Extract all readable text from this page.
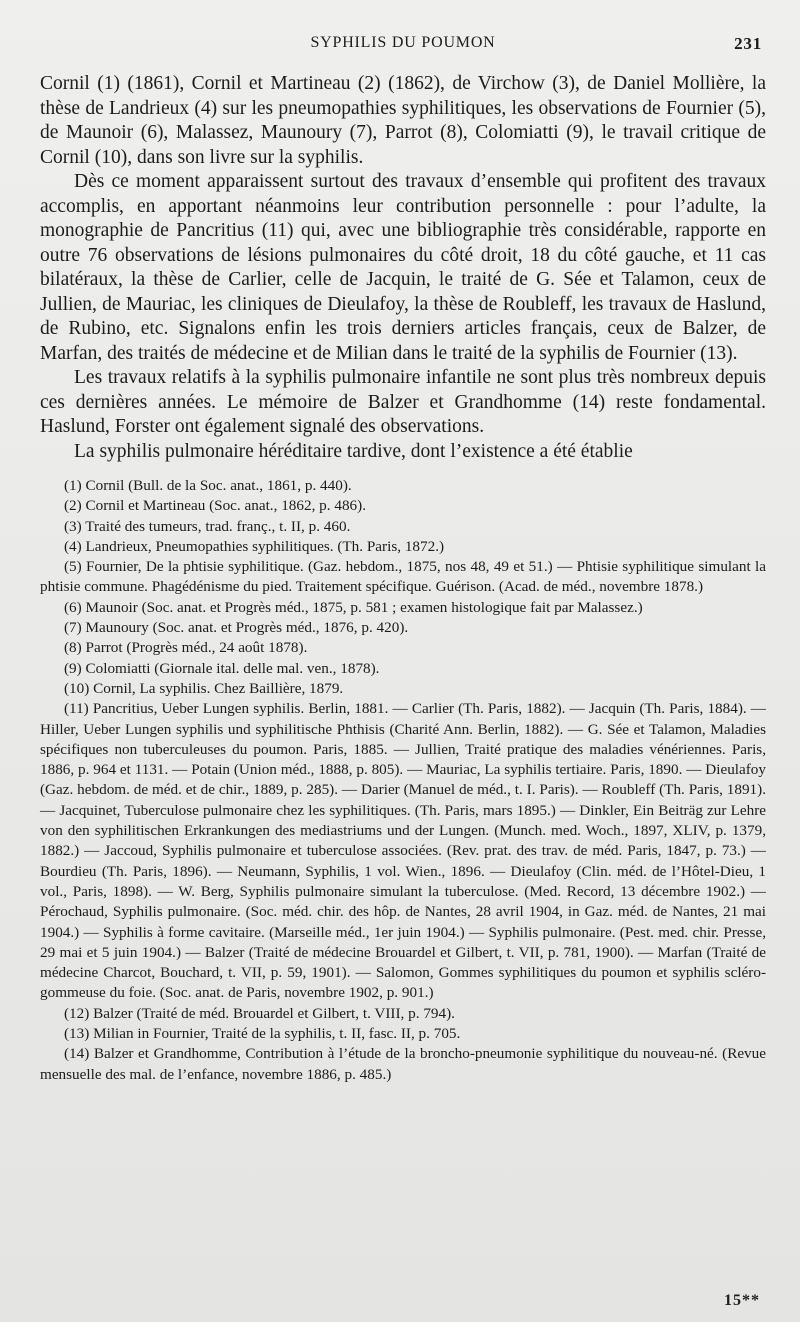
SYPHILIS DU POUMON	231

Cornil (1) (1861), Cornil et Martineau (2) (1862), de Virchow (3), de Daniel Mollière, la thèse de Landrieux (4) sur les pneumopathies syphilitiques, les observations de Fournier (5), de Maunoir (6), Malassez, Maunoury (7), Parrot (8), Colomiatti (9), le travail critique de Cornil (10), dans son livre sur la syphilis.

Dès ce moment apparaissent surtout des travaux d’ensemble qui profitent des travaux accomplis, en apportant néanmoins leur contribution personnelle : pour l’adulte, la monographie de Pancritius (11) qui, avec une bibliographie très considérable, rapporte en outre 76 observations de lésions pulmonaires du côté droit, 18 du côté gauche, et 11 cas bilatéraux, la thèse de Carlier, celle de Jacquin, le traité de G. Sée et Talamon, ceux de Jullien, de Mauriac, les cliniques de Dieulafoy, la thèse de Roubleff, les travaux de Haslund, de Rubino, etc. Signalons enfin les trois derniers articles français, ceux de Balzer, de Marfan, des traités de médecine et de Milian dans le traité de la syphilis de Fournier (13).

Les travaux relatifs à la syphilis pulmonaire infantile ne sont plus très nombreux depuis ces dernières années. Le mémoire de Balzer et Grandhomme (14) reste fondamental. Haslund, Forster ont également signalé des observations.

La syphilis pulmonaire héréditaire tardive, dont l’existence a été établie

(1) Cornil (Bull. de la Soc. anat., 1861, p. 440).

(2) Cornil et Martineau (Soc. anat., 1862, p. 486).

(3) Traité des tumeurs, trad. franç., t. II, p. 460.

(4) Landrieux, Pneumopathies syphilitiques. (Th. Paris, 1872.)

(5) Fournier, De la phtisie syphilitique. (Gaz. hebdom., 1875, nos 48, 49 et 51.) — Phtisie syphilitique simulant la phtisie commune. Phagédénisme du pied. Traitement spécifique. Guérison. (Acad. de méd., novembre 1878.)

(6) Maunoir (Soc. anat. et Progrès méd., 1875, p. 581 ; examen histologique fait par Malassez.)

(7) Maunoury (Soc. anat. et Progrès méd., 1876, p. 420).

(8) Parrot (Progrès méd., 24 août 1878).

(9) Colomiatti (Giornale ital. delle mal. ven., 1878).

(10) Cornil, La syphilis. Chez Baillière, 1879.

(11) Pancritius, Ueber Lungen syphilis. Berlin, 1881. — Carlier (Th. Paris, 1882). — Jacquin (Th. Paris, 1884). — Hiller, Ueber Lungen syphilis und syphilitische Phthisis (Charité Ann. Berlin, 1882). — G. Sée et Talamon, Maladies spécifiques non tuberculeuses du poumon. Paris, 1885. — Jullien, Traité pratique des maladies vénériennes. Paris, 1886, p. 964 et 1131. — Potain (Union méd., 1888, p. 805). — Mauriac, La syphilis tertiaire. Paris, 1890. — Dieulafoy (Gaz. hebdom. de méd. et de chir., 1889, p. 285). — Darier (Manuel de méd., t. I. Paris). — Roubleff (Th. Paris, 1891). — Jacquinet, Tuberculose pulmonaire chez les syphilitiques. (Th. Paris, mars 1895.) — Dinkler, Ein Beiträg zur Lehre von den syphilitischen Erkrankungen des mediastriums und der Lungen. (Munch. med. Woch., 1897, XLIV, p. 1379, 1882.) — Jaccoud, Syphilis pulmonaire et tuberculose associées. (Rev. prat. des trav. de méd. Paris, 1847, p. 73.) — Bourdieu (Th. Paris, 1896). — Neumann, Syphilis, 1 vol. Wien., 1896. — Dieulafoy (Clin. méd. de l’Hôtel-Dieu, 1 vol., Paris, 1898). — W. Berg, Syphilis pulmonaire simulant la tuberculose. (Med. Record, 13 décembre 1902.) — Pérochaud, Syphilis pulmonaire. (Soc. méd. chir. des hôp. de Nantes, 28 avril 1904, in Gaz. méd. de Nantes, 21 mai 1904.) — Syphilis à forme cavitaire. (Marseille méd., 1er juin 1904.) — Syphilis pulmonaire. (Pest. med. chir. Presse, 29 mai et 5 juin 1904.) — Balzer (Traité de médecine Brouardel et Gilbert, t. VII, p. 781, 1900). — Marfan (Traité de médecine Charcot, Bouchard, t. VII, p. 59, 1901). — Salomon, Gommes syphilitiques du poumon et syphilis scléro-gommeuse du foie. (Soc. anat. de Paris, novembre 1902, p. 901.)

(12) Balzer (Traité de méd. Brouardel et Gilbert, t. VIII, p. 794).

(13) Milian in Fournier, Traité de la syphilis, t. II, fasc. II, p. 705.

(14) Balzer et Grandhomme, Contribution à l’étude de la broncho-pneumonie syphilitique du nouveau-né. (Revue mensuelle des mal. de l’enfance, novembre 1886, p. 485.)

15**
